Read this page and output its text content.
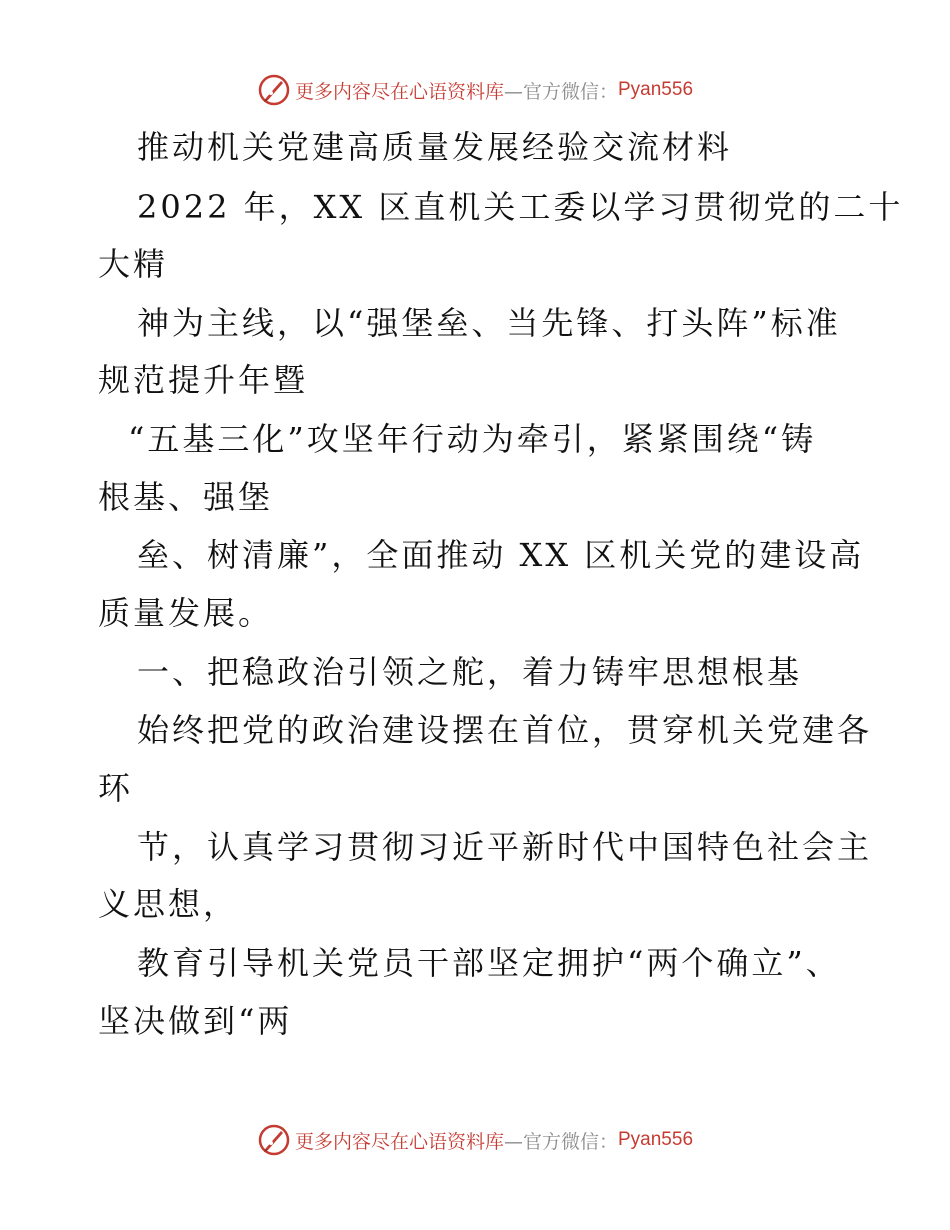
更多内容尽在心语资料库 —官方微信： Pyan556
推动机关党建高质量发展经验交流材料
2022 年，XX 区直机关工委以学习贯彻党的二十
大精
神为主线，以“强堡垒、当先锋、打头阵”标准
规范提升年暨
“五基三化”攻坚年行动为牵引，紧紧围绕“铸
根基、强堡
垒、树清廉”，全面推动 XX 区机关党的建设高
质量发展。
一、把稳政治引领之舵，着力铸牢思想根基
始终把党的政治建设摆在首位，贯穿机关党建各
环
节，认真学习贯彻习近平新时代中国特色社会主
义思想，
教育引导机关党员干部坚定拥护“两个确立”、
坚决做到“两
更多内容尽在心语资料库 —官方微信： Pyan556
